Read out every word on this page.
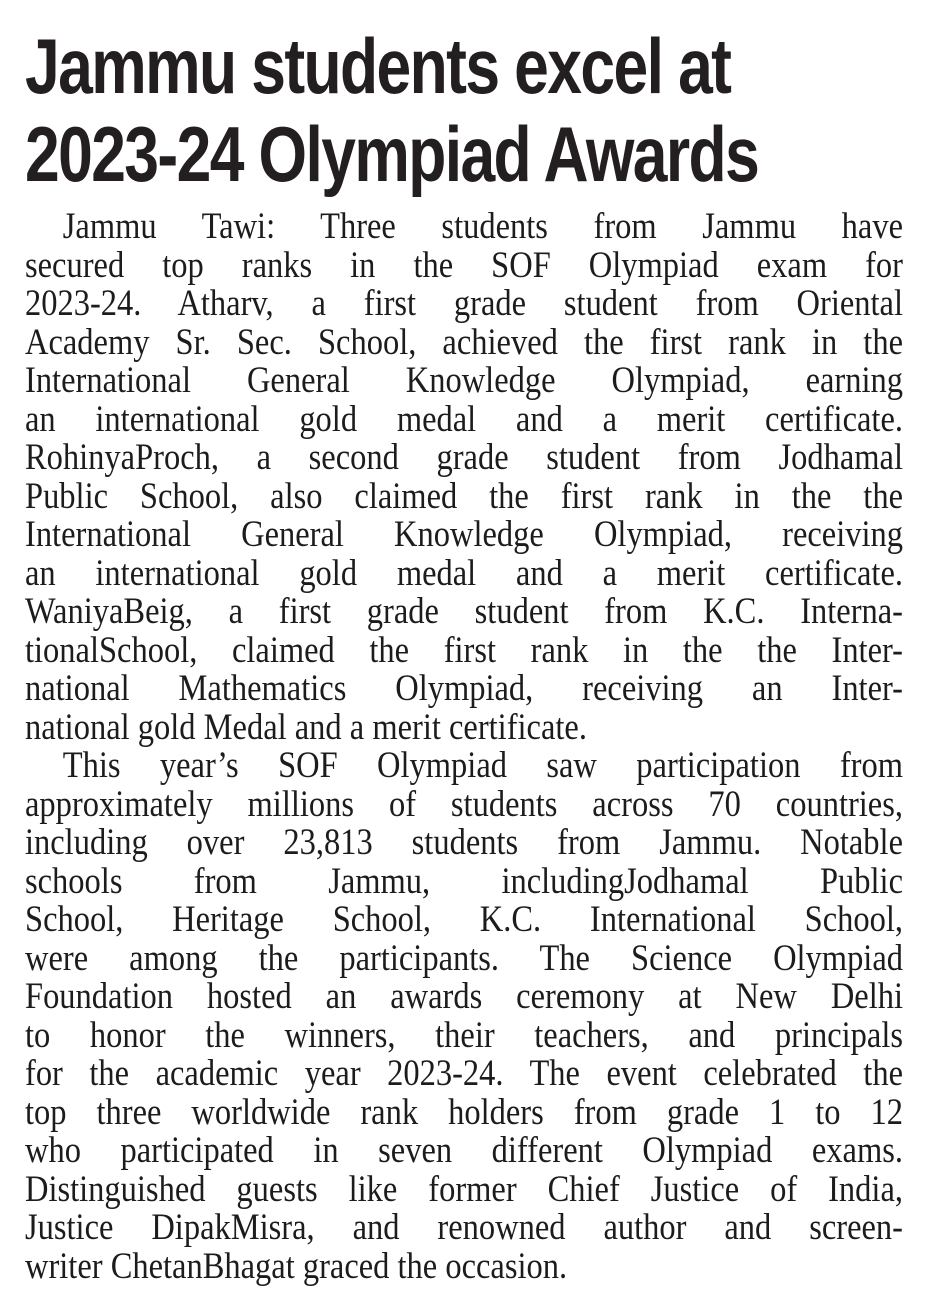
Jammu students excel at
2023-24 Olympiad Awards
Jammu Tawi: Three students from Jammu have
secured top ranks in the SOF Olympiad exam for
2023-24. Atharv, a first grade student from Oriental
Academy Sr. Sec. School, achieved the first rank in the
International General Knowledge Olympiad, earning
an international gold medal and a merit certificate.
RohinyaProch, a second grade student from Jodhamal
Public School, also claimed the first rank in the the
International General Knowledge Olympiad, receiving
an international gold medal and a merit certificate.
WaniyaBeig, a first grade student from K.C. Interna-
tionalSchool, claimed the first rank in the the Inter-
national Mathematics Olympiad, receiving an Inter-
national gold Medal and a merit certificate.
This year’s SOF Olympiad saw participation from
approximately millions of students across 70 countries,
including over 23,813 students from Jammu. Notable
schools from Jammu, includingJodhamal Public
School, Heritage School, K.C. International School,
were among the participants. The Science Olympiad
Foundation hosted an awards ceremony at New Delhi
to honor the winners, their teachers, and principals
for the academic year 2023-24. The event celebrated the
top three worldwide rank holders from grade 1 to 12
who participated in seven different Olympiad exams.
Distinguished guests like former Chief Justice of India,
Justice DipakMisra, and renowned author and screen-
writer ChetanBhagat graced the occasion.
